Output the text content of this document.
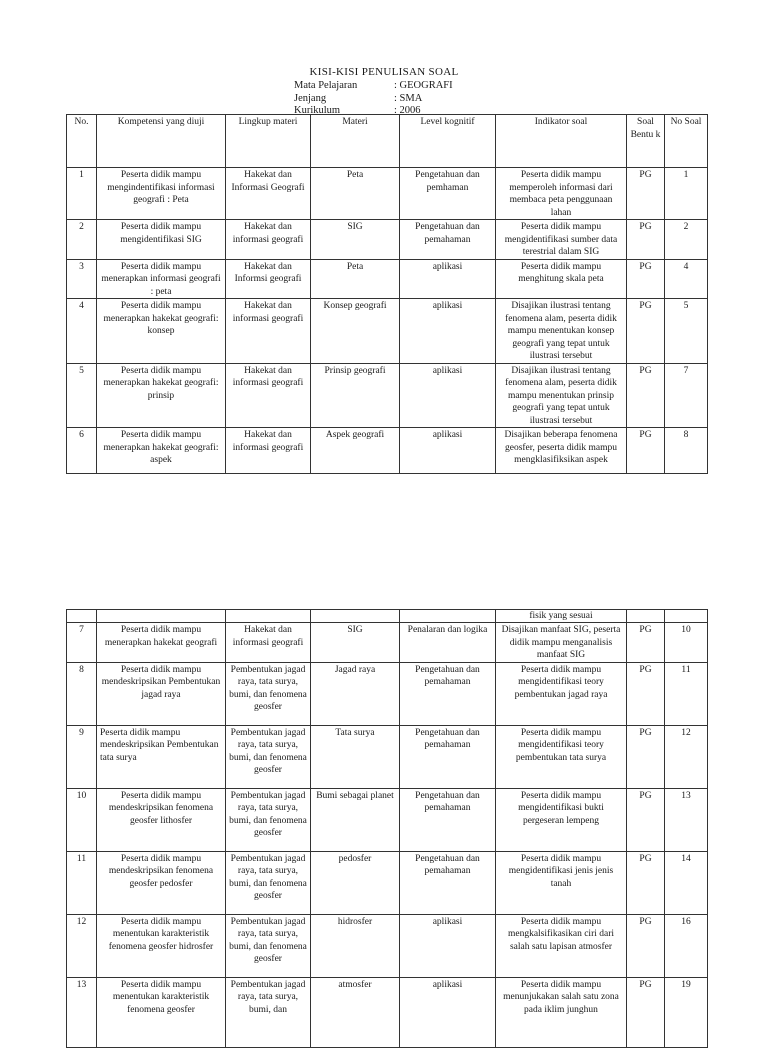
KISI-KISI PENULISAN SOAL
Mata Pelajaran	: GEOGRAFI
Jenjang	: SMA
Kurikulum	: 2006
No.	Kompetensi yang diuji	Lingkup materi	Materi	Level kognitif	Indikator soal	Soal Bentu k	No Soal
1	Peserta didik mampu mengindentifikasi informasi geografi : Peta	Hakekat dan Informasi Geografi	Peta	Pengetahuan dan pemhaman	Peserta didik mampu memperoleh informasi dari membaca peta penggunaan lahan	PG	1
2	Peserta didik mampu mengidentifikasi SIG	Hakekat dan informasi geografi	SIG	Pengetahuan dan pemahaman	Peserta didik mampu mengidentifikasi sumber data terestrial dalam SIG	PG	2
3	Peserta didik mampu menerapkan informasi geografi : peta	Hakekat dan Informsi geografi	Peta	aplikasi	Peserta didik mampu menghitung skala peta	PG	4
4	Peserta didik mampu menerapkan hakekat geografi: konsep	Hakekat dan informasi geografi	Konsep geografi	aplikasi	Disajikan ilustrasi tentang fenomena alam, peserta didik mampu menentukan konsep geografi yang tepat untuk ilustrasi tersebut	PG	5
5	Peserta didik mampu menerapkan hakekat geografi: prinsip	Hakekat dan informasi geografi	Prinsip geografi	aplikasi	Disajikan ilustrasi tentang fenomena alam, peserta didik mampu menentukan prinsip geografi yang tepat untuk ilustrasi tersebut	PG	7
6	Peserta didik mampu menerapkan hakekat geografi: aspek	Hakekat dan informasi geografi	Aspek geografi	aplikasi	Disajikan beberapa fenomena geosfer, peserta didik mampu mengklasifiksikan aspek	PG	8
					fisik yang sesuai		
7	Peserta didik mampu menerapkan hakekat geografi	Hakekat dan informasi geografi	SIG	Penalaran dan logika	Disajikan manfaat SIG, peserta didik mampu menganalisis manfaat SIG	PG	10
8	Peserta didik mampu mendeskripsikan Pembentukan jagad raya	Pembentukan jagad raya, tata surya, bumi, dan fenomena geosfer	Jagad raya	Pengetahuan dan pemahaman	Peserta didik mampu mengidentifikasi teory pembentukan jagad raya	PG	11
9	Peserta didik mampu mendeskripsikan Pembentukan tata surya	Pembentukan jagad raya, tata surya, bumi, dan fenomena geosfer	Tata surya	Pengetahuan dan pemahaman	Peserta didik mampu mengidentifikasi teory pembentukan tata surya	PG	12
10	Peserta didik mampu mendeskripsikan fenomena geosfer lithosfer	Pembentukan jagad raya, tata surya, bumi, dan fenomena geosfer	Bumi sebagai planet	Pengetahuan dan pemahaman	Peserta didik mampu mengidentifikasi bukti pergeseran lempeng	PG	13
11	Peserta didik mampu mendeskripsikan fenomena geosfer pedosfer	Pembentukan jagad raya, tata surya, bumi, dan fenomena geosfer	pedosfer	Pengetahuan dan pemahaman	Peserta didik mampu mengidentifikasi jenis jenis tanah	PG	14
12	Peserta didik mampu menentukan karakteristik fenomena geosfer hidrosfer	Pembentukan jagad raya, tata surya, bumi, dan fenomena geosfer	hidrosfer	aplikasi	Peserta didik mampu mengkalsifikasikan ciri dari salah satu lapisan atmosfer	PG	16
13	Peserta didik mampu menentukan karakteristik fenomena geosfer	Pembentukan jagad raya, tata surya, bumi, dan	atmosfer	aplikasi	Peserta didik mampu menunjukakan salah satu zona pada iklim junghun	PG	19
